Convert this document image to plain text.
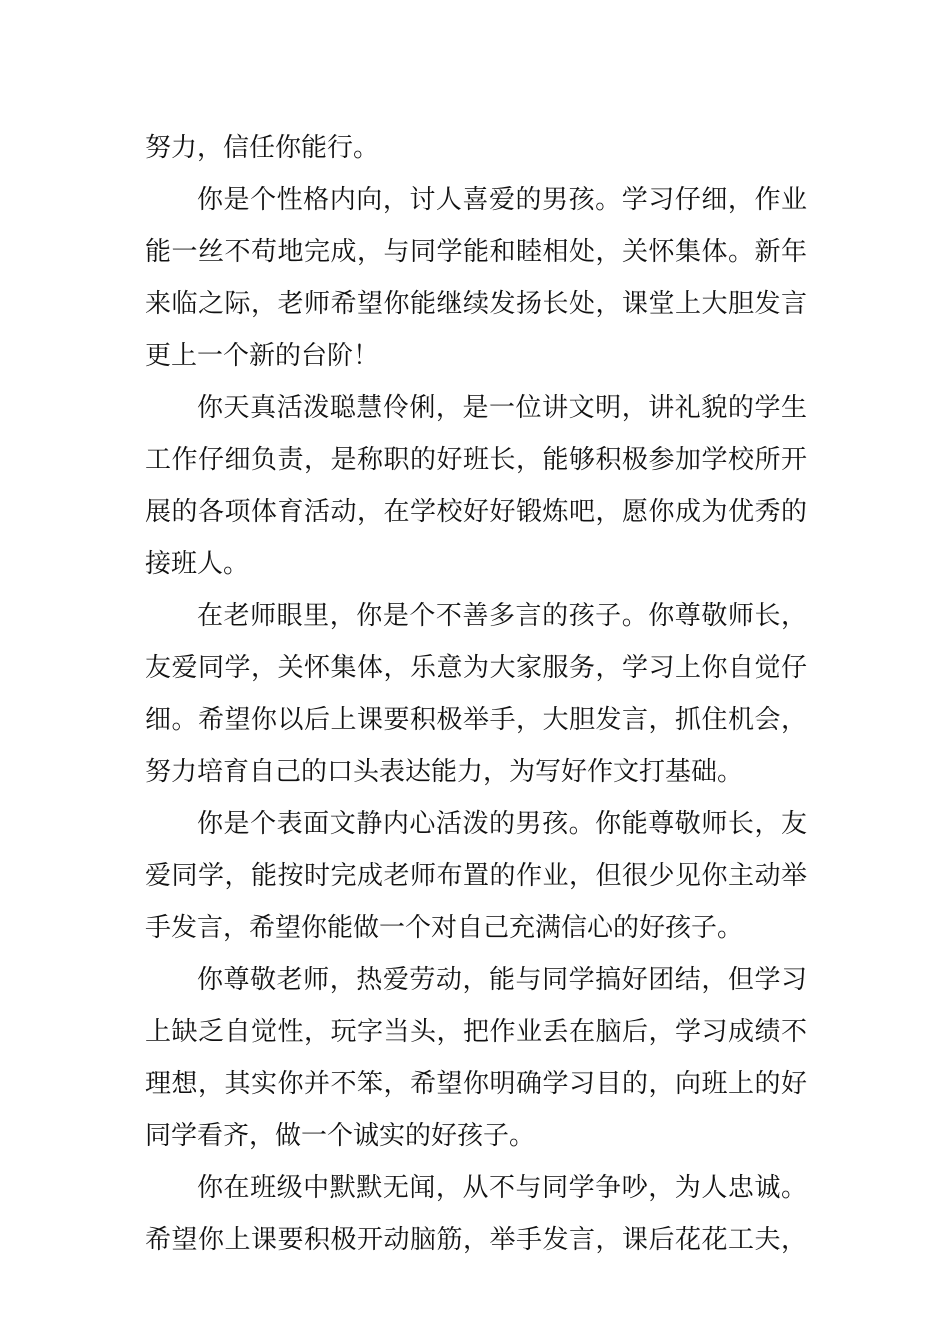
努力，信任你能行。
你是个性格内向，讨人喜爱的男孩。学习仔细，作业
能一丝不苟地完成，与同学能和睦相处，关怀集体。新年
来临之际，老师希望你能继续发扬长处，课堂上大胆发言
更上一个新的台阶！
你天真活泼聪慧伶俐，是一位讲文明，讲礼貌的学生
工作仔细负责，是称职的好班长，能够积极参加学校所开
展的各项体育活动，在学校好好锻炼吧，愿你成为优秀的
接班人。
在老师眼里，你是个不善多言的孩子。你尊敬师长，
友爱同学，关怀集体，乐意为大家服务，学习上你自觉仔
细。希望你以后上课要积极举手，大胆发言，抓住机会，
努力培育自己的口头表达能力，为写好作文打基础。
你是个表面文静内心活泼的男孩。你能尊敬师长，友
爱同学，能按时完成老师布置的作业，但很少见你主动举
手发言，希望你能做一个对自己充满信心的好孩子。
你尊敬老师，热爱劳动，能与同学搞好团结，但学习
上缺乏自觉性，玩字当头，把作业丢在脑后，学习成绩不
理想，其实你并不笨，希望你明确学习目的，向班上的好
同学看齐，做一个诚实的好孩子。
你在班级中默默无闻，从不与同学争吵，为人忠诚。
希望你上课要积极开动脑筋，举手发言，课后花花工夫，
